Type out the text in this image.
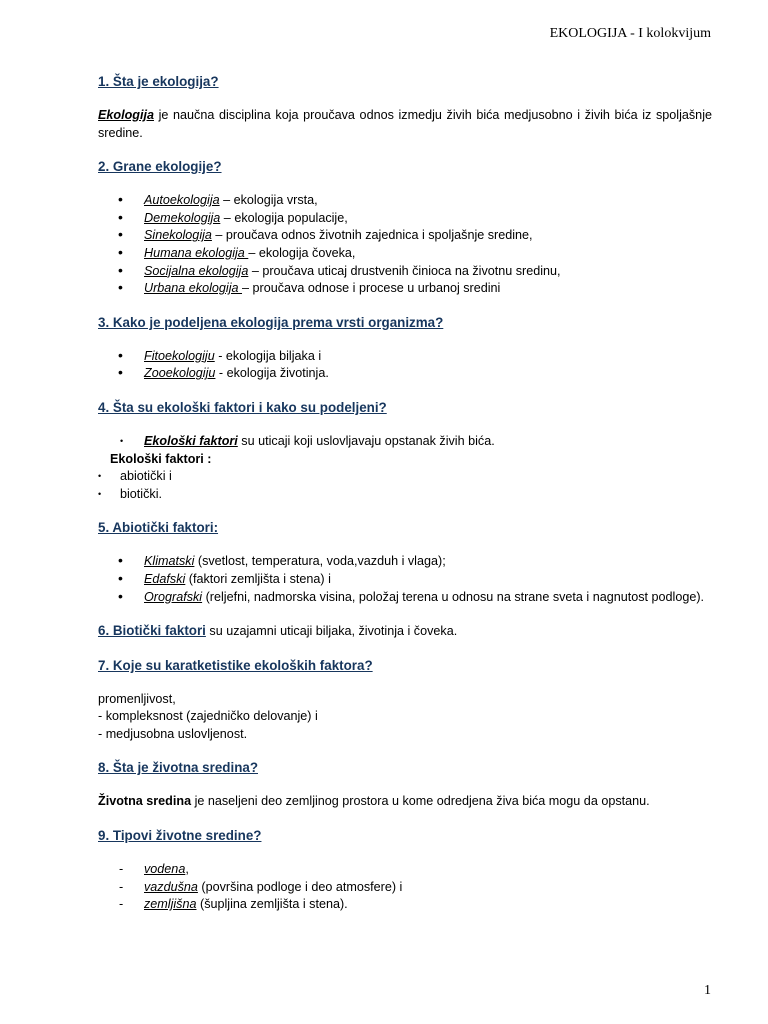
EKOLOGIJA - I kolokvijum
1. Šta je ekologija?

Ekologija je naučna disciplina koja proučava odnos izmedju živih bića medjusobno i živih bića iz spoljašnje sredine.

2. Grane ekologije?
• Autoekologija – ekologija vrsta,
• Demekologija – ekologija populacije,
• Sinekologija – proučava odnos životnih zajednica i spoljašnje sredine,
• Humana ekologija – ekologija čoveka,
• Socijalna ekologija – proučava uticaj drustvenih činioca na životnu sredinu,
• Urbana ekologija – proučava odnose i procese u urbanoj sredini
3. Kako je podeljena ekologija prema vrsti organizma?
• Fitoekologiju - ekologija biljaka i
• Zooekologiju - ekologija životinja.
4. Šta su ekološki faktori i kako su podeljeni?
• Ekološki faktori su uticaji koji uslovljavaju opstanak živih bića.

Ekološki faktori :

• abiotički i
• biotički.
5. Abiotički faktori:
• Klimatski (svetlost, temperatura, voda,vazduh i vlaga);
• Edafski (faktori zemljišta i stena) i
• Orografski (reljefni, nadmorska visina, položaj terena u odnosu na strane sveta i nagnutost podloge).

6. Biotički faktori su uzajamni uticaji biljaka, životinja i čoveka.

7. Koje su karatketistike ekoloških faktora?

promenljivost,

- kompleksnost (zajedničko delovanje) i

- medjusobna uslovljenost.

8. Šta je životna sredina?

Životna sredina je naseljeni deo zemljinog prostora u kome odredjena živa bića mogu da opstanu.

9. Tipovi životne sredine?
- vodena,
- vazdušna (površina podloge i deo atmosfere) i
- zemljišna (šupljina zemljišta i stena).
1
